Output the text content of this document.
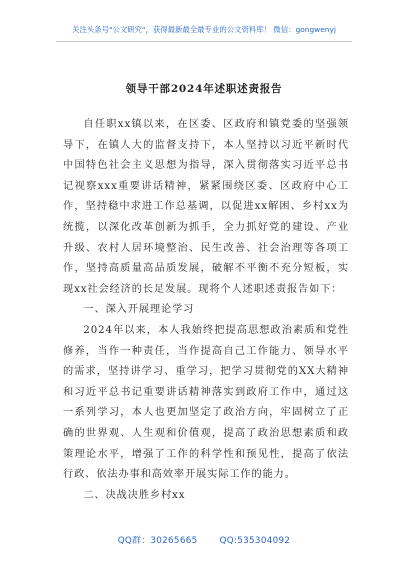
关注头条号"公文研究"，获得最新最全最专业的公文资料库！ 微信：gongwenyj
领导干部2024年述职述责报告

自任职xx镇以来，在区委、区政府和镇党委的坚强领导下，在镇人大的监督支持下，本人坚持以习近平新时代中国特色社会主义思想为指导，深入贯彻落实习近平总书记视察xxx重要讲话精神，紧紧围绕区委、区政府中心工作，坚持稳中求进工作总基调，以促进xx解困、乡村xx为统揽，以深化改革创新为抓手，全力抓好党的建设、产业升级、农村人居环境整治、民生改善、社会治理等各项工作，坚持高质量高品质发展，破解不平衡不充分短板，实现xx社会经济的长足发展。现将个人述职述责报告如下：

一、深入开展理论学习

2024年以来，本人我始终把提高思想政治素质和党性修养，当作一种责任，当作提高自己工作能力、领导水平的需求，坚持讲学习、重学习，把学习贯彻党的XX大精神和习近平总书记重要讲话精神落实到政府工作中，通过这一系列学习，本人也更加坚定了政治方向，牢固树立了正确的世界观、人生观和价值观，提高了政治思想素质和政策理论水平，增强了工作的科学性和预见性，提高了依法行政、依法办事和高效率开展实际工作的能力。

二、决战决胜乡村xx

QQ群：30265665	QQ:535304092
